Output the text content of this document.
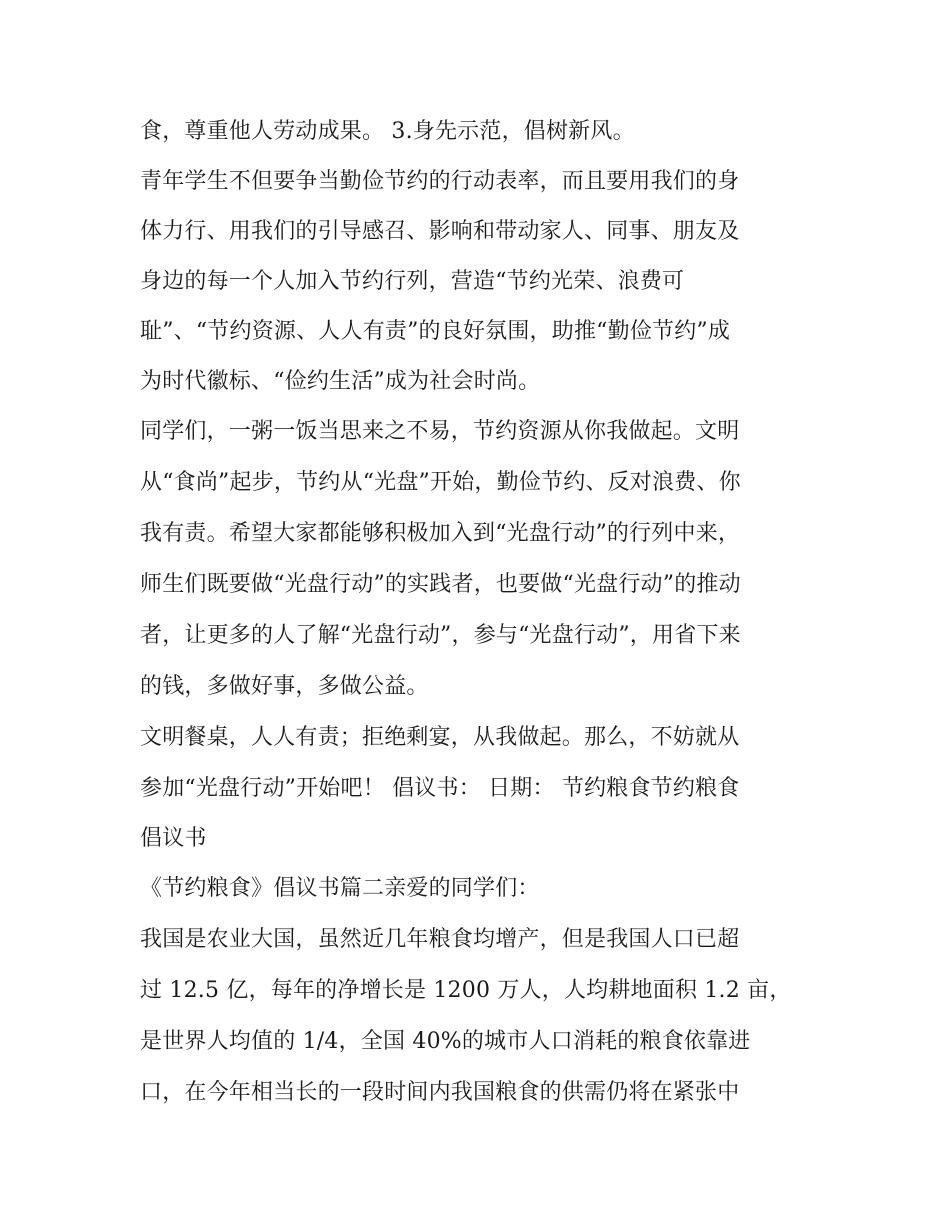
食，尊重他人劳动成果。 3.身先示范，倡树新风。
青年学生不但要争当勤俭节约的行动表率，而且要用我们的身
体力行、用我们的引导感召、影响和带动家人、同事、朋友及
身边的每一个人加入节约行列，营造“节约光荣、浪费可
耻”、“节约资源、人人有责”的良好氛围，助推“勤俭节约”成
为时代徽标、“俭约生活”成为社会时尚。
同学们，一粥一饭当思来之不易，节约资源从你我做起。文明
从“食尚”起步，节约从“光盘”开始，勤俭节约、反对浪费、你
我有责。希望大家都能够积极加入到“光盘行动”的行列中来，
师生们既要做“光盘行动”的实践者，也要做“光盘行动”的推动
者，让更多的人了解“光盘行动”，参与“光盘行动”，用省下来
的钱，多做好事，多做公益。
文明餐桌，人人有责；拒绝剩宴，从我做起。那么，不妨就从
参加“光盘行动”开始吧！ 倡议书： 日期： 节约粮食节约粮食
倡议书
《节约粮食》倡议书篇二亲爱的同学们：
我国是农业大国，虽然近几年粮食均增产，但是我国人口已超
过 12.5 亿，每年的净增长是 1200 万人，人均耕地面积 1.2 亩，
是世界人均值的 1/4，全国 40%的城市人口消耗的粮食依靠进
口，在今年相当长的一段时间内我国粮食的供需仍将在紧张中
